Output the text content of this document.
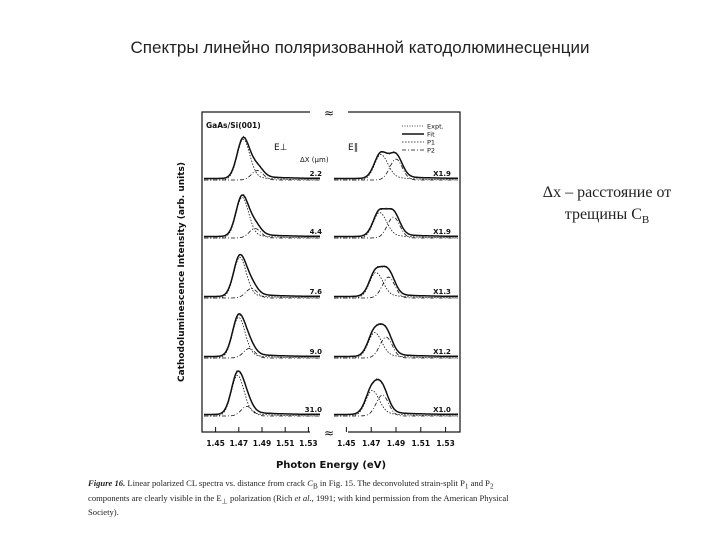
Спектры линейно поляризованной катодолюминесценции
Δx – расстояние от трещины $C_B$
≈
≈
GaAs/Si(001)
E⊥
ΔX (μm)
E∥
Expt.
Fit
P1
P2
2.2
4.4
7.6
9.0
31.0
X1.9
X1.9
X1.3
X1.2
X1.0
1.45 1.47 1.49 1.51 1.53	1.45 1.47 1.49 1.51 1.53
Photon Energy (eV)
Cathodoluminescence Intensity (arb. units)
Figure 16. Linear polarized CL spectra vs. distance from crack $C_B$ in Fig. 15. The deconvoluted strain-split $P_1$ and $P_2$ components are clearly visible in the $E_\perp$ polarization (Rich et al., 1991; with kind permission from the American Physical Society).
